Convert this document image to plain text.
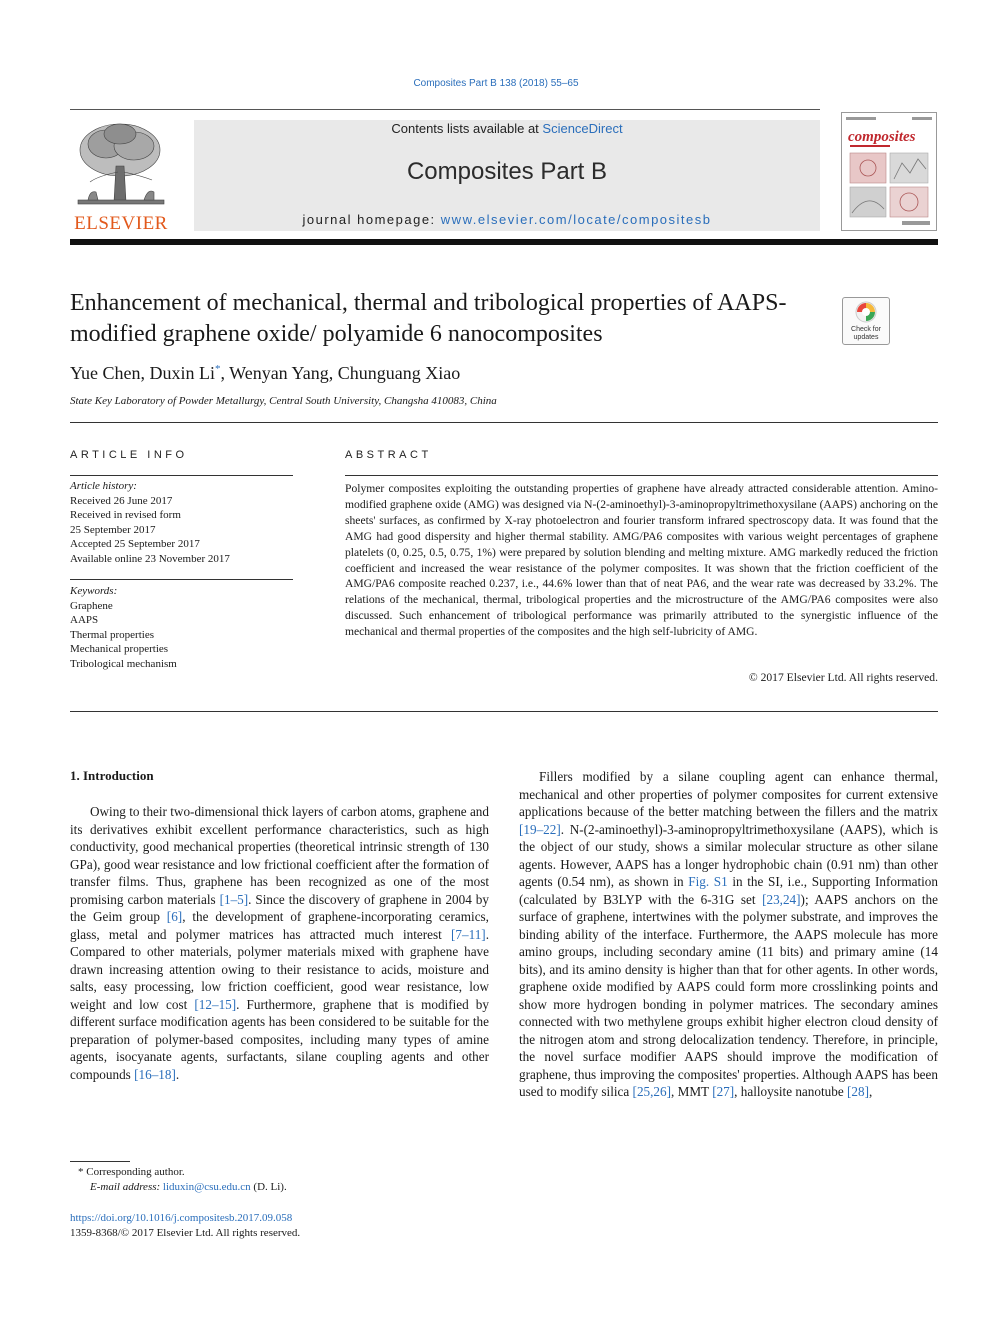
Composites Part B 138 (2018) 55–65
ELSEVIER
Contents lists available at ScienceDirect
Composites Part B
journal homepage: www.elsevier.com/locate/compositesb
composites
Enhancement of mechanical, thermal and tribological properties of AAPS-modified graphene oxide/ polyamide 6 nanocomposites	Check for
updates
Yue Chen, Duxin Li*, Wenyan Yang, Chunguang Xiao
State Key Laboratory of Powder Metallurgy, Central South University, Changsha 410083, China
ARTICLE INFO	ABSTRACT
Article history:
Received 26 June 2017
Received in revised form
25 September 2017
Accepted 25 September 2017
Available online 23 November 2017
Keywords:
Graphene
AAPS
Thermal properties
Mechanical properties
Tribological mechanism
Polymer composites exploiting the outstanding properties of graphene have already attracted considerable attention. Amino-modified graphene oxide (AMG) was designed via N-(2-aminoethyl)-3-aminopropyltrimethoxysilane (AAPS) anchoring on the sheets' surfaces, as confirmed by X-ray photoelectron and fourier transform infrared spectroscopy data. It was found that the AMG had good dispersity and higher thermal stability. AMG/PA6 composites with various weight percentages of graphene platelets (0, 0.25, 0.5, 0.75, 1%) were prepared by solution blending and melting mixture. AMG markedly reduced the friction coefficient and increased the wear resistance of the polymer composites. It was shown that the friction coefficient of the AMG/PA6 composite reached 0.237, i.e., 44.6% lower than that of neat PA6, and the wear rate was decreased by 33.2%. The relations of the mechanical, thermal, tribological properties and the microstructure of the AMG/PA6 composites were also discussed. Such enhancement of tribological performance was primarily attributed to the synergistic influence of the mechanical and thermal properties of the composites and the high self-lubricity of AMG.
© 2017 Elsevier Ltd. All rights reserved.
1. Introduction
Owing to their two-dimensional thick layers of carbon atoms, graphene and its derivatives exhibit excellent performance characteristics, such as high conductivity, good mechanical properties (theoretical intrinsic strength of 130 GPa), good wear resistance and low frictional coefficient after the formation of transfer films. Thus, graphene has been recognized as one of the most promising carbon materials [1–5]. Since the discovery of graphene in 2004 by the Geim group [6], the development of graphene-incorporating ceramics, glass, metal and polymer matrices has attracted much interest [7–11]. Compared to other materials, polymer materials mixed with graphene have drawn increasing attention owing to their resistance to acids, moisture and salts, easy processing, low friction coefficient, good wear resistance, low weight and low cost [12–15]. Furthermore, graphene that is modified by different surface modification agents has been considered to be suitable for the preparation of polymer-based composites, including many types of amine agents, isocyanate agents, surfactants, silane coupling agents and other compounds [16–18].
Fillers modified by a silane coupling agent can enhance thermal, mechanical and other properties of polymer composites for current extensive applications because of the better matching between the fillers and the matrix [19–22]. N-(2-aminoethyl)-3-aminopropyltrimethoxysilane (AAPS), which is the object of our study, shows a similar molecular structure as other silane agents. However, AAPS has a longer hydrophobic chain (0.91 nm) than other agents (0.54 nm), as shown in Fig. S1 in the SI, i.e., Supporting Information (calculated by B3LYP with the 6-31G set [23,24]); AAPS anchors on the surface of graphene, intertwines with the polymer substrate, and improves the binding ability of the interface. Furthermore, the AAPS molecule has more amino groups, including secondary amine (11 bits) and primary amine (14 bits), and its amino density is higher than that for other agents. In other words, graphene oxide modified by AAPS could form more crosslinking points and show more hydrogen bonding in polymer matrices. The secondary amines connected with two methylene groups exhibit higher electron cloud density of the nitrogen atom and strong delocalization tendency. Therefore, in principle, the novel surface modifier AAPS should improve the modification of graphene, thus improving the composites' properties. Although AAPS has been used to modify silica [25,26], MMT [27], halloysite nanotube [28],
* Corresponding author.
E-mail address: liduxin@csu.edu.cn (D. Li).
https://doi.org/10.1016/j.compositesb.2017.09.058
1359-8368/© 2017 Elsevier Ltd. All rights reserved.
